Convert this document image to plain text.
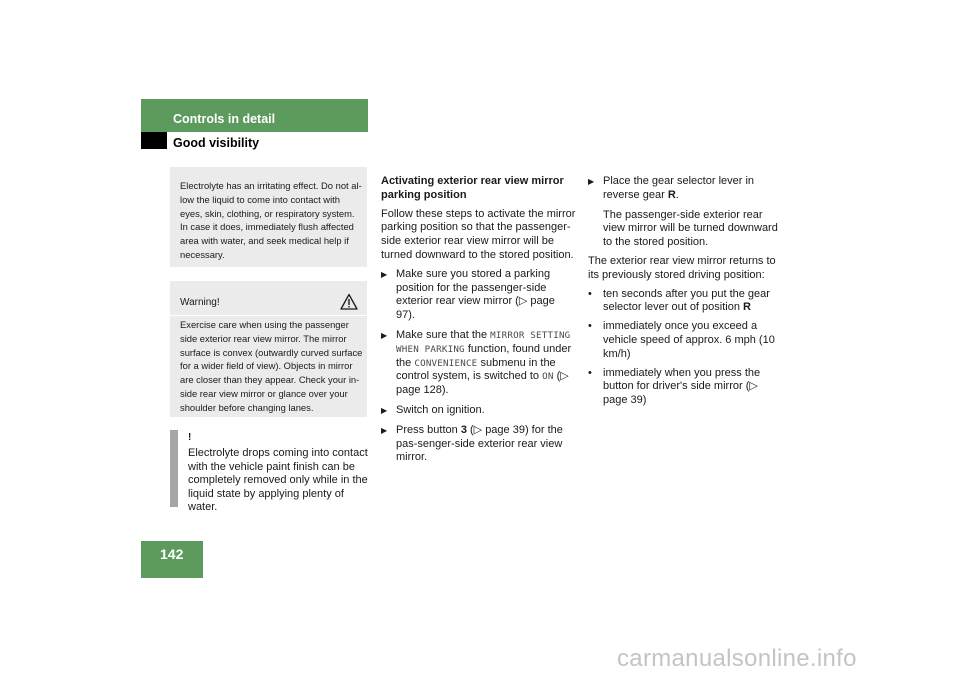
Controls in detail
Good visibility
Electrolyte has an irritating effect. Do not al-low the liquid to come into contact with eyes, skin, clothing, or respiratory system. In case it does, immediately flush affected area with water, and seek medical help if necessary.
Warning!
Exercise care when using the passenger side exterior rear view mirror. The mirror surface is convex (outwardly curved surface for a wider field of view). Objects in mirror are closer than they appear. Check your in-side rear view mirror or glance over your shoulder before changing lanes.
!
Electrolyte drops coming into contact with the vehicle paint finish can be completely removed only while in the liquid state by applying plenty of water.

Activating exterior rear view mirror parking position

Follow these steps to activate the mirror parking position so that the passenger-side exterior rear view mirror will be turned downward to the stored position.

▶ Make sure you stored a parking position for the passenger-side exterior rear view mirror (▷ page 97).
▶ Make sure that the MIRROR SETTING WHEN PARKING function, found under the CONVENIENCE submenu in the control system, is switched to ON (▷ page 128).
▶ Switch on ignition.
▶ Press button 3 (▷ page 39) for the pas-senger-side exterior rear view mirror.
▶ Place the gear selector lever in reverse gear R.

The passenger-side exterior rear view mirror will be turned downward to the stored position.

The exterior rear view mirror returns to its previously stored driving position:

•	ten seconds after you put the gear selector lever out of position R
•	immediately once you exceed a vehicle speed of approx. 6 mph (10 km/h)
•	immediately when you press the button for driver's side mirror (▷ page 39)
142
carmanualsonline.info
